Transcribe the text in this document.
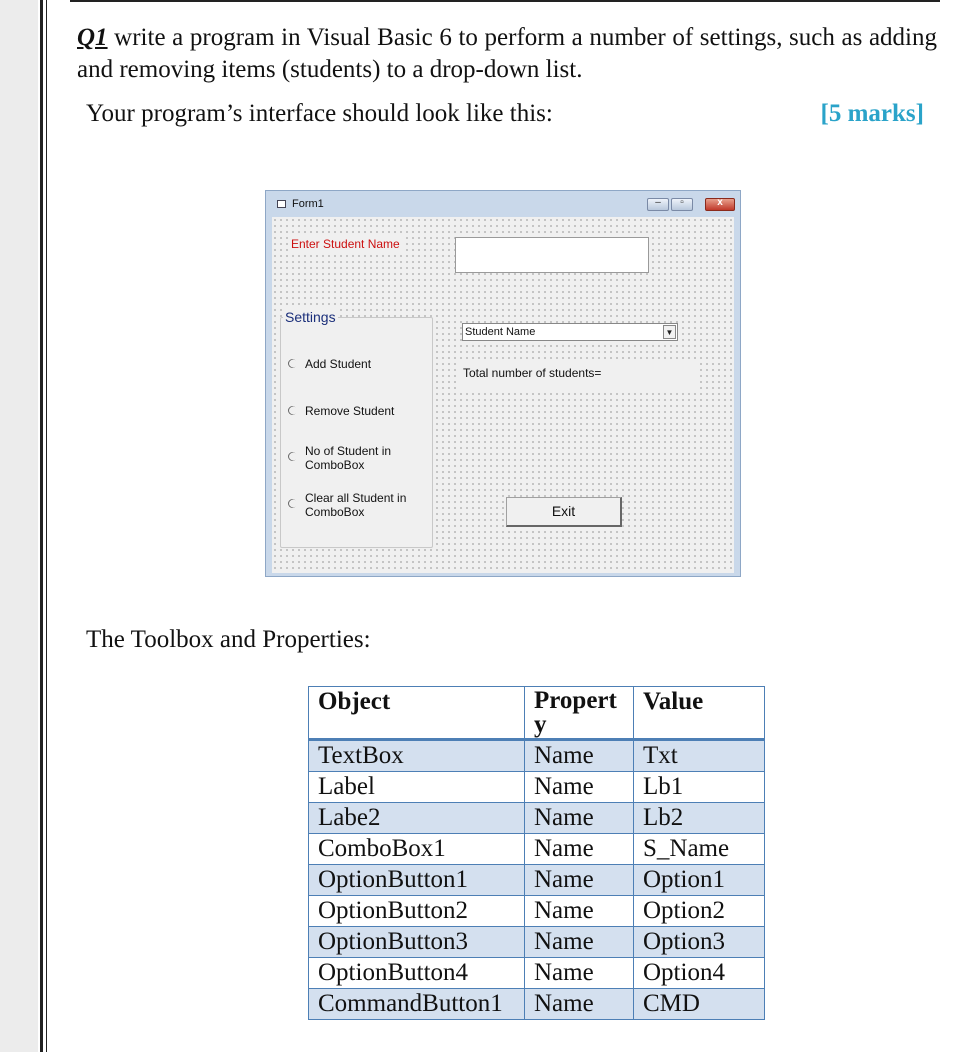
Q1 write a program in Visual Basic 6 to perform a number of settings, such as adding and removing items (students) to a drop-down list.
Your program’s interface should look like this:	[5 marks]
Form1	–	▫	x
Enter Student Name
Settings
Add Student
Remove Student
No of Student in
ComboBox
Clear all Student in
ComboBox
Student Name	▼
Total number of students=
Exit
The Toolbox and Properties:
Object	Property	Value
TextBox	Name	Txt
Label	Name	Lb1
Labe2	Name	Lb2
ComboBox1	Name	S_Name
OptionButton1	Name	Option1
OptionButton2	Name	Option2
OptionButton3	Name	Option3
OptionButton4	Name	Option4
CommandButton1	Name	CMD
